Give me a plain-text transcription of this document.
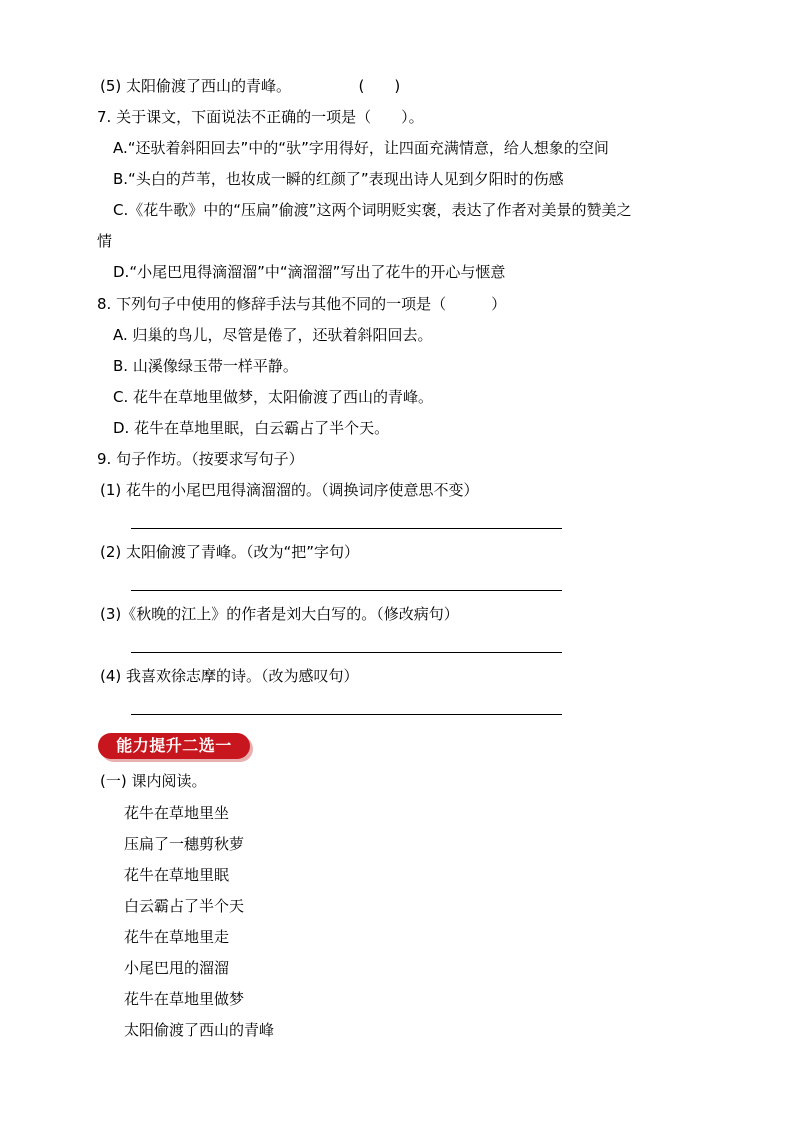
(5) 太阳偷渡了西山的青峰。　　　　　(　　)
7. 关于课文，下面说法不正确的一项是（　　）。
A.“还驮着斜阳回去”中的“驮”字用得好，让四面充满情意，给人想象的空间
B.“头白的芦苇，也妆成一瞬的红颜了”表现出诗人见到夕阳时的伤感
C.《花牛歌》中的“压扁”偷渡”这两个词明贬实褒，表达了作者对美景的赞美之
情
D.“小尾巴甩得滴溜溜”中“滴溜溜”写出了花牛的开心与惬意
8. 下列句子中使用的修辞手法与其他不同的一项是（　　　）
A. 归巢的鸟儿，尽管是倦了，还驮着斜阳回去。
B. 山溪像绿玉带一样平静。
C. 花牛在草地里做梦，太阳偷渡了西山的青峰。
D. 花牛在草地里眠，白云霸占了半个天。
9. 句子作坊。（按要求写句子）
(1) 花牛的小尾巴甩得滴溜溜的。（调换词序使意思不变）
(2) 太阳偷渡了青峰。（改为“把”字句）
(3)《秋晚的江上》的作者是刘大白写的。（修改病句）
(4) 我喜欢徐志摩的诗。（改为感叹句）
能力提升二选一
(一) 课内阅读。
花牛在草地里坐
压扁了一穗剪秋萝
花牛在草地里眠
白云霸占了半个天
花牛在草地里走
小尾巴甩的溜溜
花牛在草地里做梦
太阳偷渡了西山的青峰
